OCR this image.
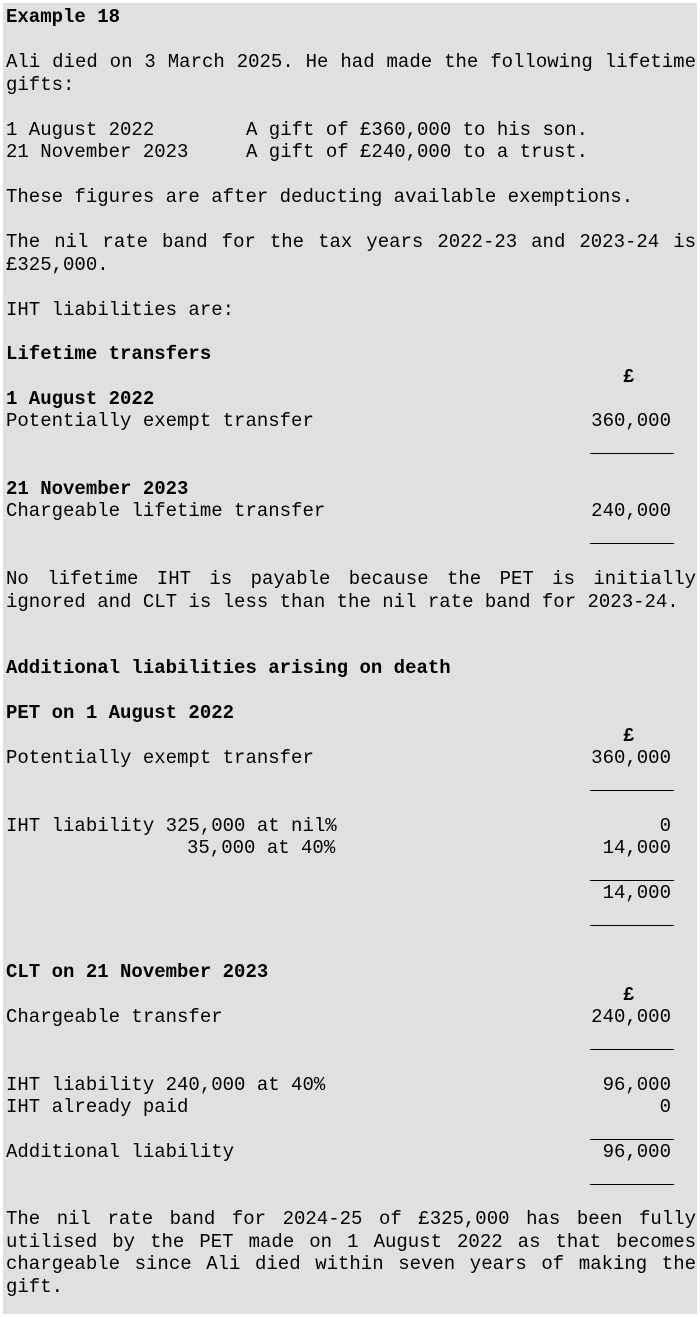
Example 18
Ali died on 3 March 2025. He had made the following lifetime gifts:
1 August 2022	A gift of £360,000 to his son.
21 November 2023	A gift of £240,000 to a trust.
These figures are after deducting available exemptions.
The nil rate band for the tax years 2022-23 and 2023-24 is £325,000.
IHT liabilities are:
Lifetime transfers
£
1 August 2022
Potentially exempt transfer	360,000
21 November 2023
Chargeable lifetime transfer	240,000
No lifetime IHT is payable because the PET is initially ignored and CLT is less than the nil rate band for 2023-24.
Additional liabilities arising on death
PET on 1 August 2022
£
Potentially exempt transfer	360,000
IHT liability 325,000 at nil%	0
35,000 at 40%	14,000
14,000
CLT on 21 November 2023
£
Chargeable transfer	240,000
IHT liability 240,000 at 40%	96,000
IHT already paid	0
Additional liability	96,000
The nil rate band for 2024-25 of £325,000 has been fully utilised by the PET made on 1 August 2022 as that becomes chargeable since Ali died within seven years of making the gift.
